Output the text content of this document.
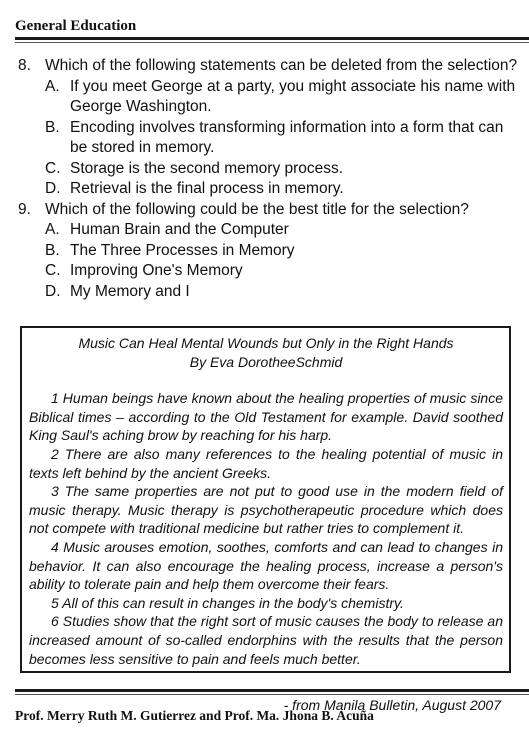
General Education
8. Which of the following statements can be deleted from the selection?
A. If you meet George at a party, you might associate his name with George Washington.
B. Encoding involves transforming information into a form that can be stored in memory.
C. Storage is the second memory process.
D. Retrieval is the final process in memory.
9. Which of the following could be the best title for the selection?
A. Human Brain and the Computer
B. The Three Processes in Memory
C. Improving One's Memory
D. My Memory and I
Music Can Heal Mental Wounds but Only in the Right Hands
By Eva DorotheeSchmid

1 Human beings have known about the healing properties of music since Biblical times – according to the Old Testament for example. David soothed King Saul's aching brow by reaching for his harp.

2 There are also many references to the healing potential of music in texts left behind by the ancient Greeks.

3 The same properties are not put to good use in the modern field of music therapy. Music therapy is psychotherapeutic procedure which does not compete with traditional medicine but rather tries to complement it.

4 Music arouses emotion, soothes, comforts and can lead to changes in behavior. It can also encourage the healing process, increase a person's ability to tolerate pain and help them overcome their fears.

5 All of this can result in changes in the body's chemistry.

6 Studies show that the right sort of music causes the body to release an increased amount of so-called endorphins with the results that the person becomes less sensitive to pain and feels much better.

- from Manila Bulletin, August 2007
Prof. Merry Ruth M. Gutierrez and Prof. Ma. Jhona B. Acuña
